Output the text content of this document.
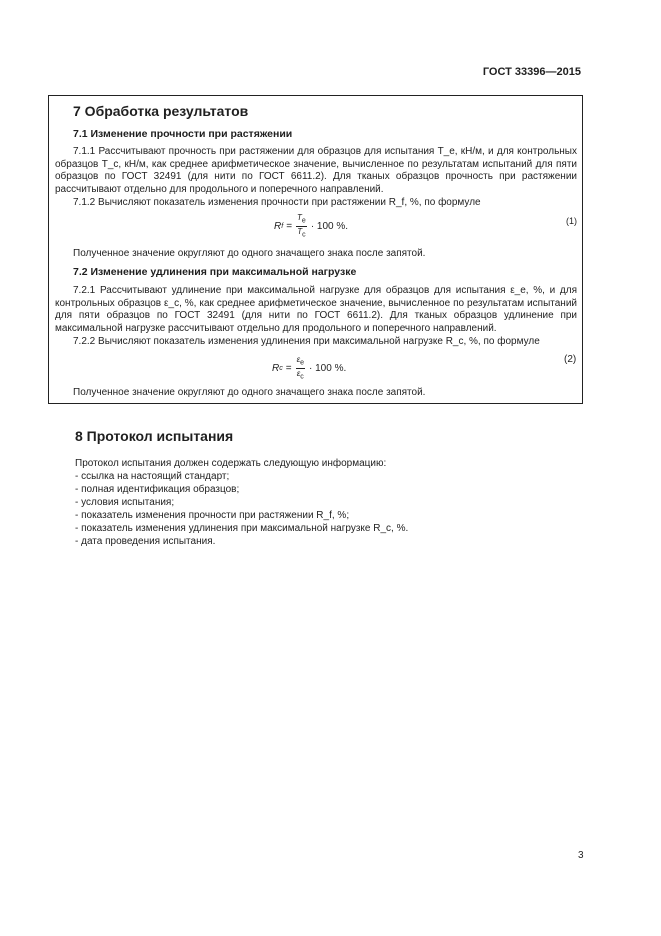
ГОСТ 33396—2015
7 Обработка результатов
7.1 Изменение прочности при растяжении
7.1.1 Рассчитывают прочность при растяжении для образцов для испытания T_e, кН/м, и для контрольных образцов T_c, кН/м, как среднее арифметическое значение, вычисленное по результатам испытаний для пяти образцов по ГОСТ 32491 (для нити по ГОСТ 6611.2). Для тканых образцов прочность при растяжении рассчитывают отдельно для продольного и поперечного направлений.
7.1.2 Вычисляют показатель изменения прочности при растяжении R_f, %, по формуле
R $f = \frac{T_e}{T_c} \cdot 100$ %.	(1)
Полученное значение округляют до одного значащего знака после запятой.
7.2 Изменение удлинения при максимальной нагрузке
7.2.1 Рассчитывают удлинение при максимальной нагрузке для образцов для испытания ε_e, %, и для контрольных образцов ε_c, %, как среднее арифметическое значение, вычисленное по результатам испытаний для пяти образцов по ГОСТ 32491 (для нити по ГОСТ 6611.2). Для тканых образцов удлинение при максимальной нагрузке рассчитывают отдельно для продольного и поперечного направлений.
7.2.2 Вычисляют показатель изменения удлинения при максимальной нагрузке R_c, %, по формуле
R $c = \frac{\varepsilon_e}{\varepsilon_c} \cdot 100$ %.
(2)
Полученное значение округляют до одного значащего знака после запятой.
8 Протокол испытания
Протокол испытания должен содержать следующую информацию:
- ссылка на настоящий стандарт;
- полная идентификация образцов;
- условия испытания;
- показатель изменения прочности при растяжении R_f, %;
- показатель изменения удлинения при максимальной нагрузке R_c, %.
- дата проведения испытания.
3
